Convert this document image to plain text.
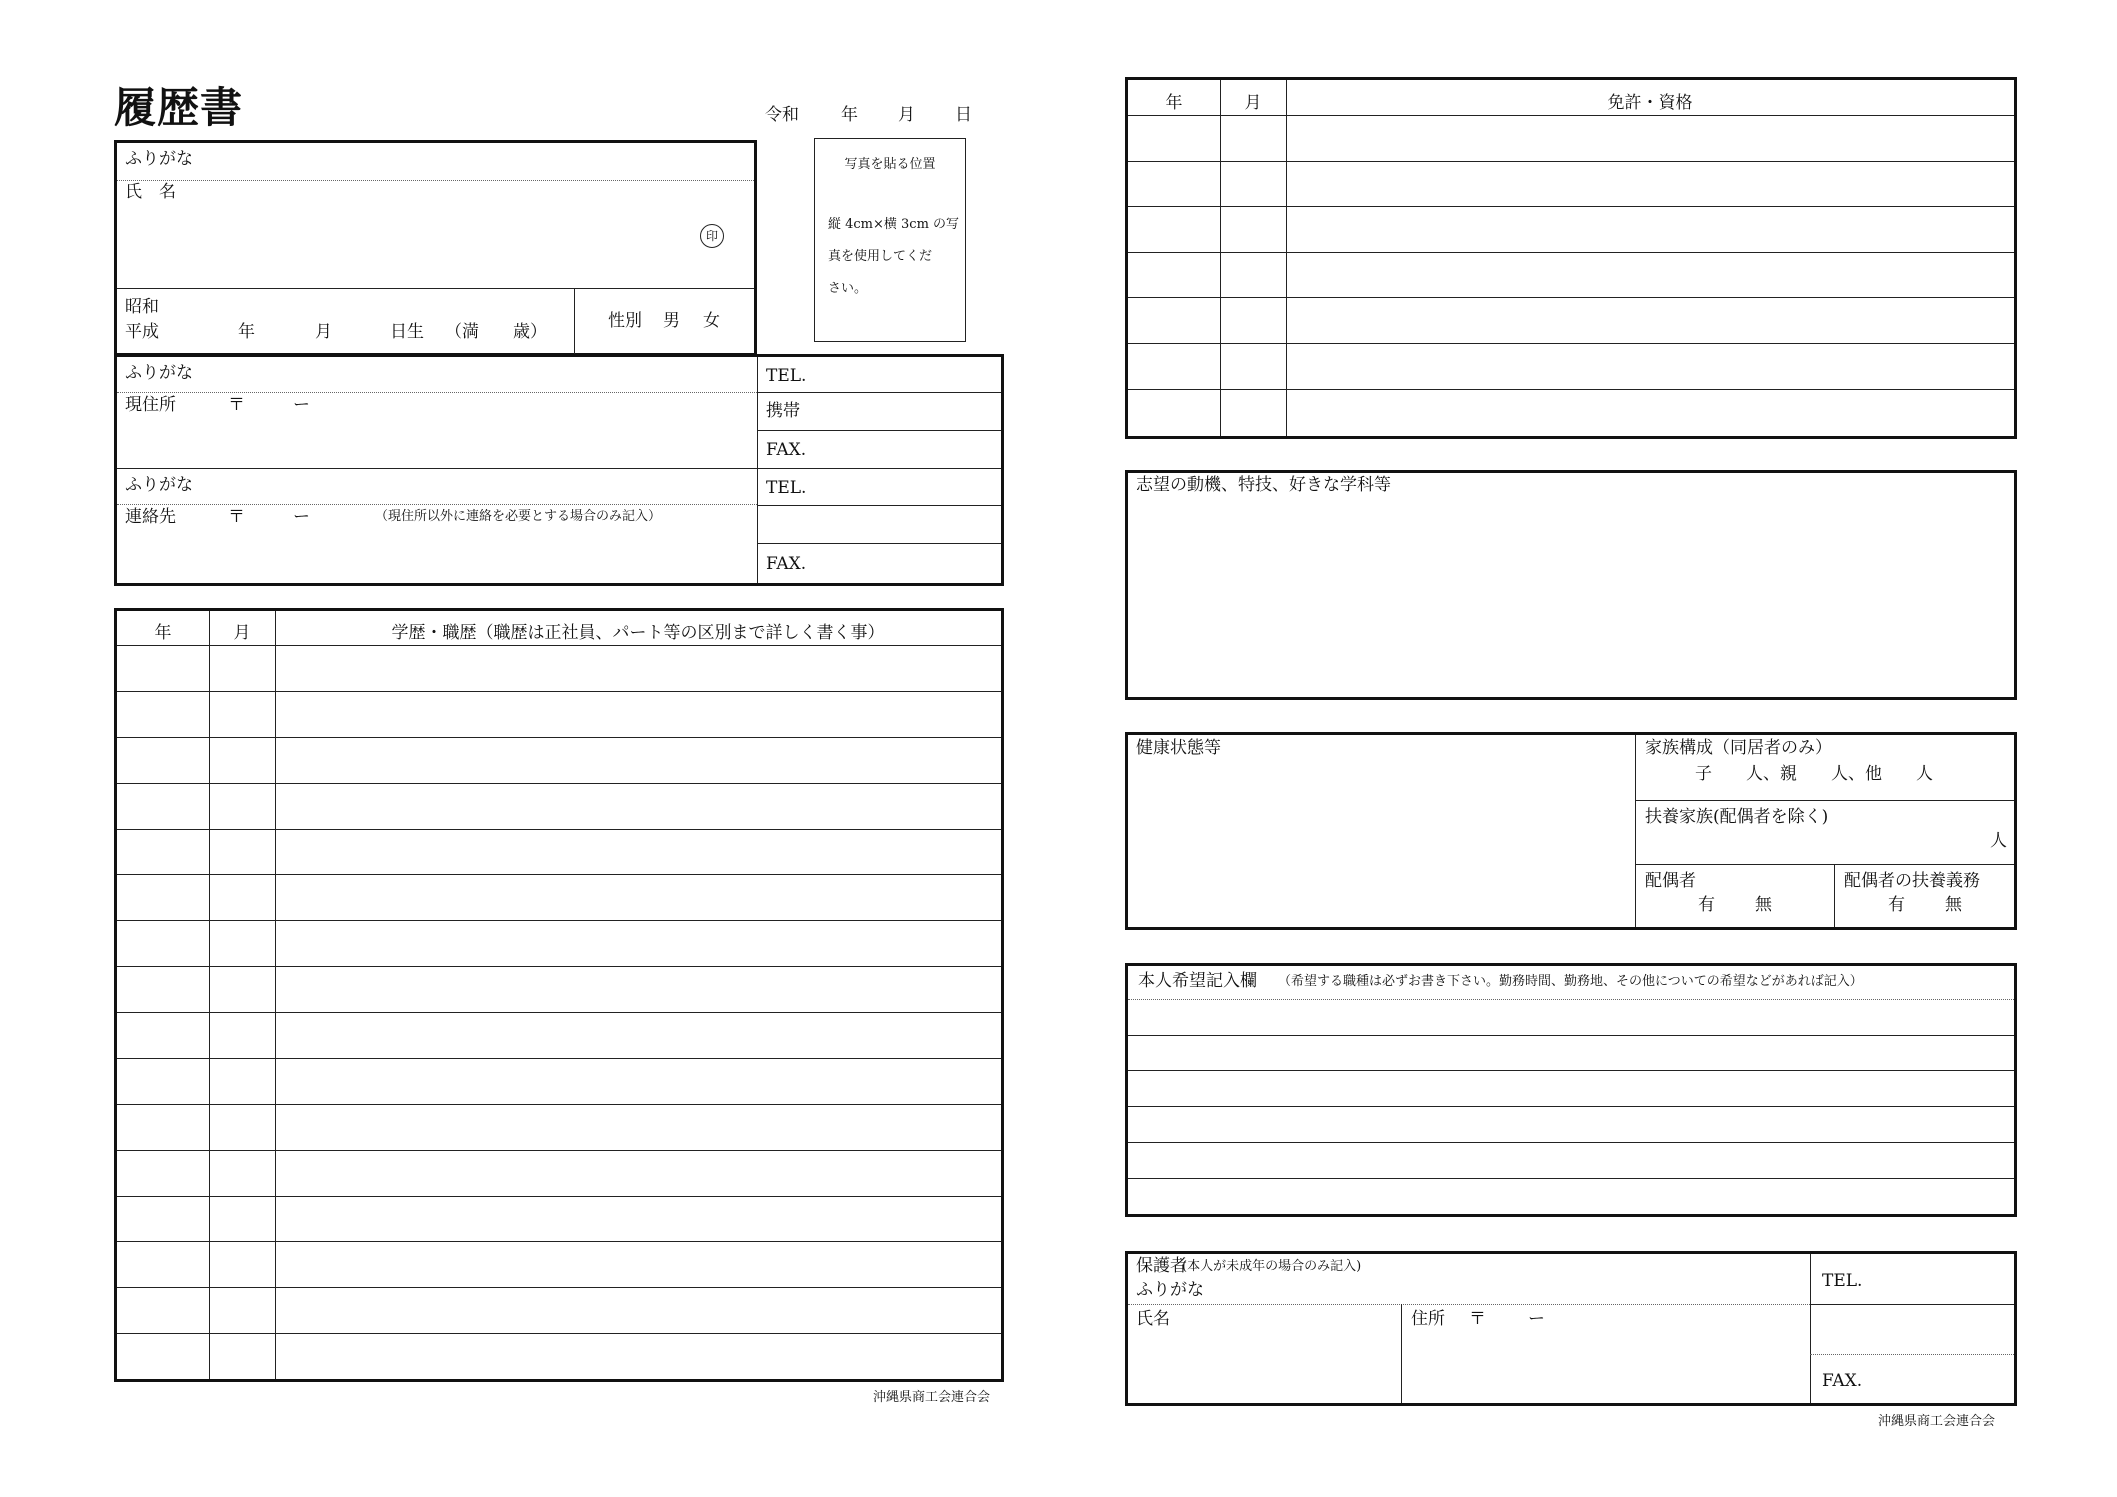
履歴書	令和 年 月 日
写真を貼る位置
縦 4cm×横 3cm の写
真を使用してくだ
さい。
ふりがな
氏　名
印
昭和
平成	年	月	日生 （満　　歳）
性別 男 女
ふりがな
現住所	〒	ー
TEL.
携帯
FAX.
ふりがな
連絡先	〒	ー	（現住所以外に連絡を必要とする場合のみ記入）
TEL.
FAX.
年	月	学歴・職歴（職歴は正社員、パート等の区別まで詳しく書く事）
沖縄県商工会連合会
年	月	免許・資格
志望の動機、特技、好きな学科等
健康状態等	家族構成（同居者のみ）
子　　人、親　　人、他　　人
扶養家族(配偶者を除く)
人
配偶者
有 無
配偶者の扶養義務
有 無
本人希望記入欄 （希望する職種は必ずお書き下さい。勤務時間、勤務地、その他についての希望などがあれば記入）
保護者
(本人が未成年の場合のみ記入)
ふりがな
氏名	住所 〒 ー
TEL.
FAX.
沖縄県商工会連合会
